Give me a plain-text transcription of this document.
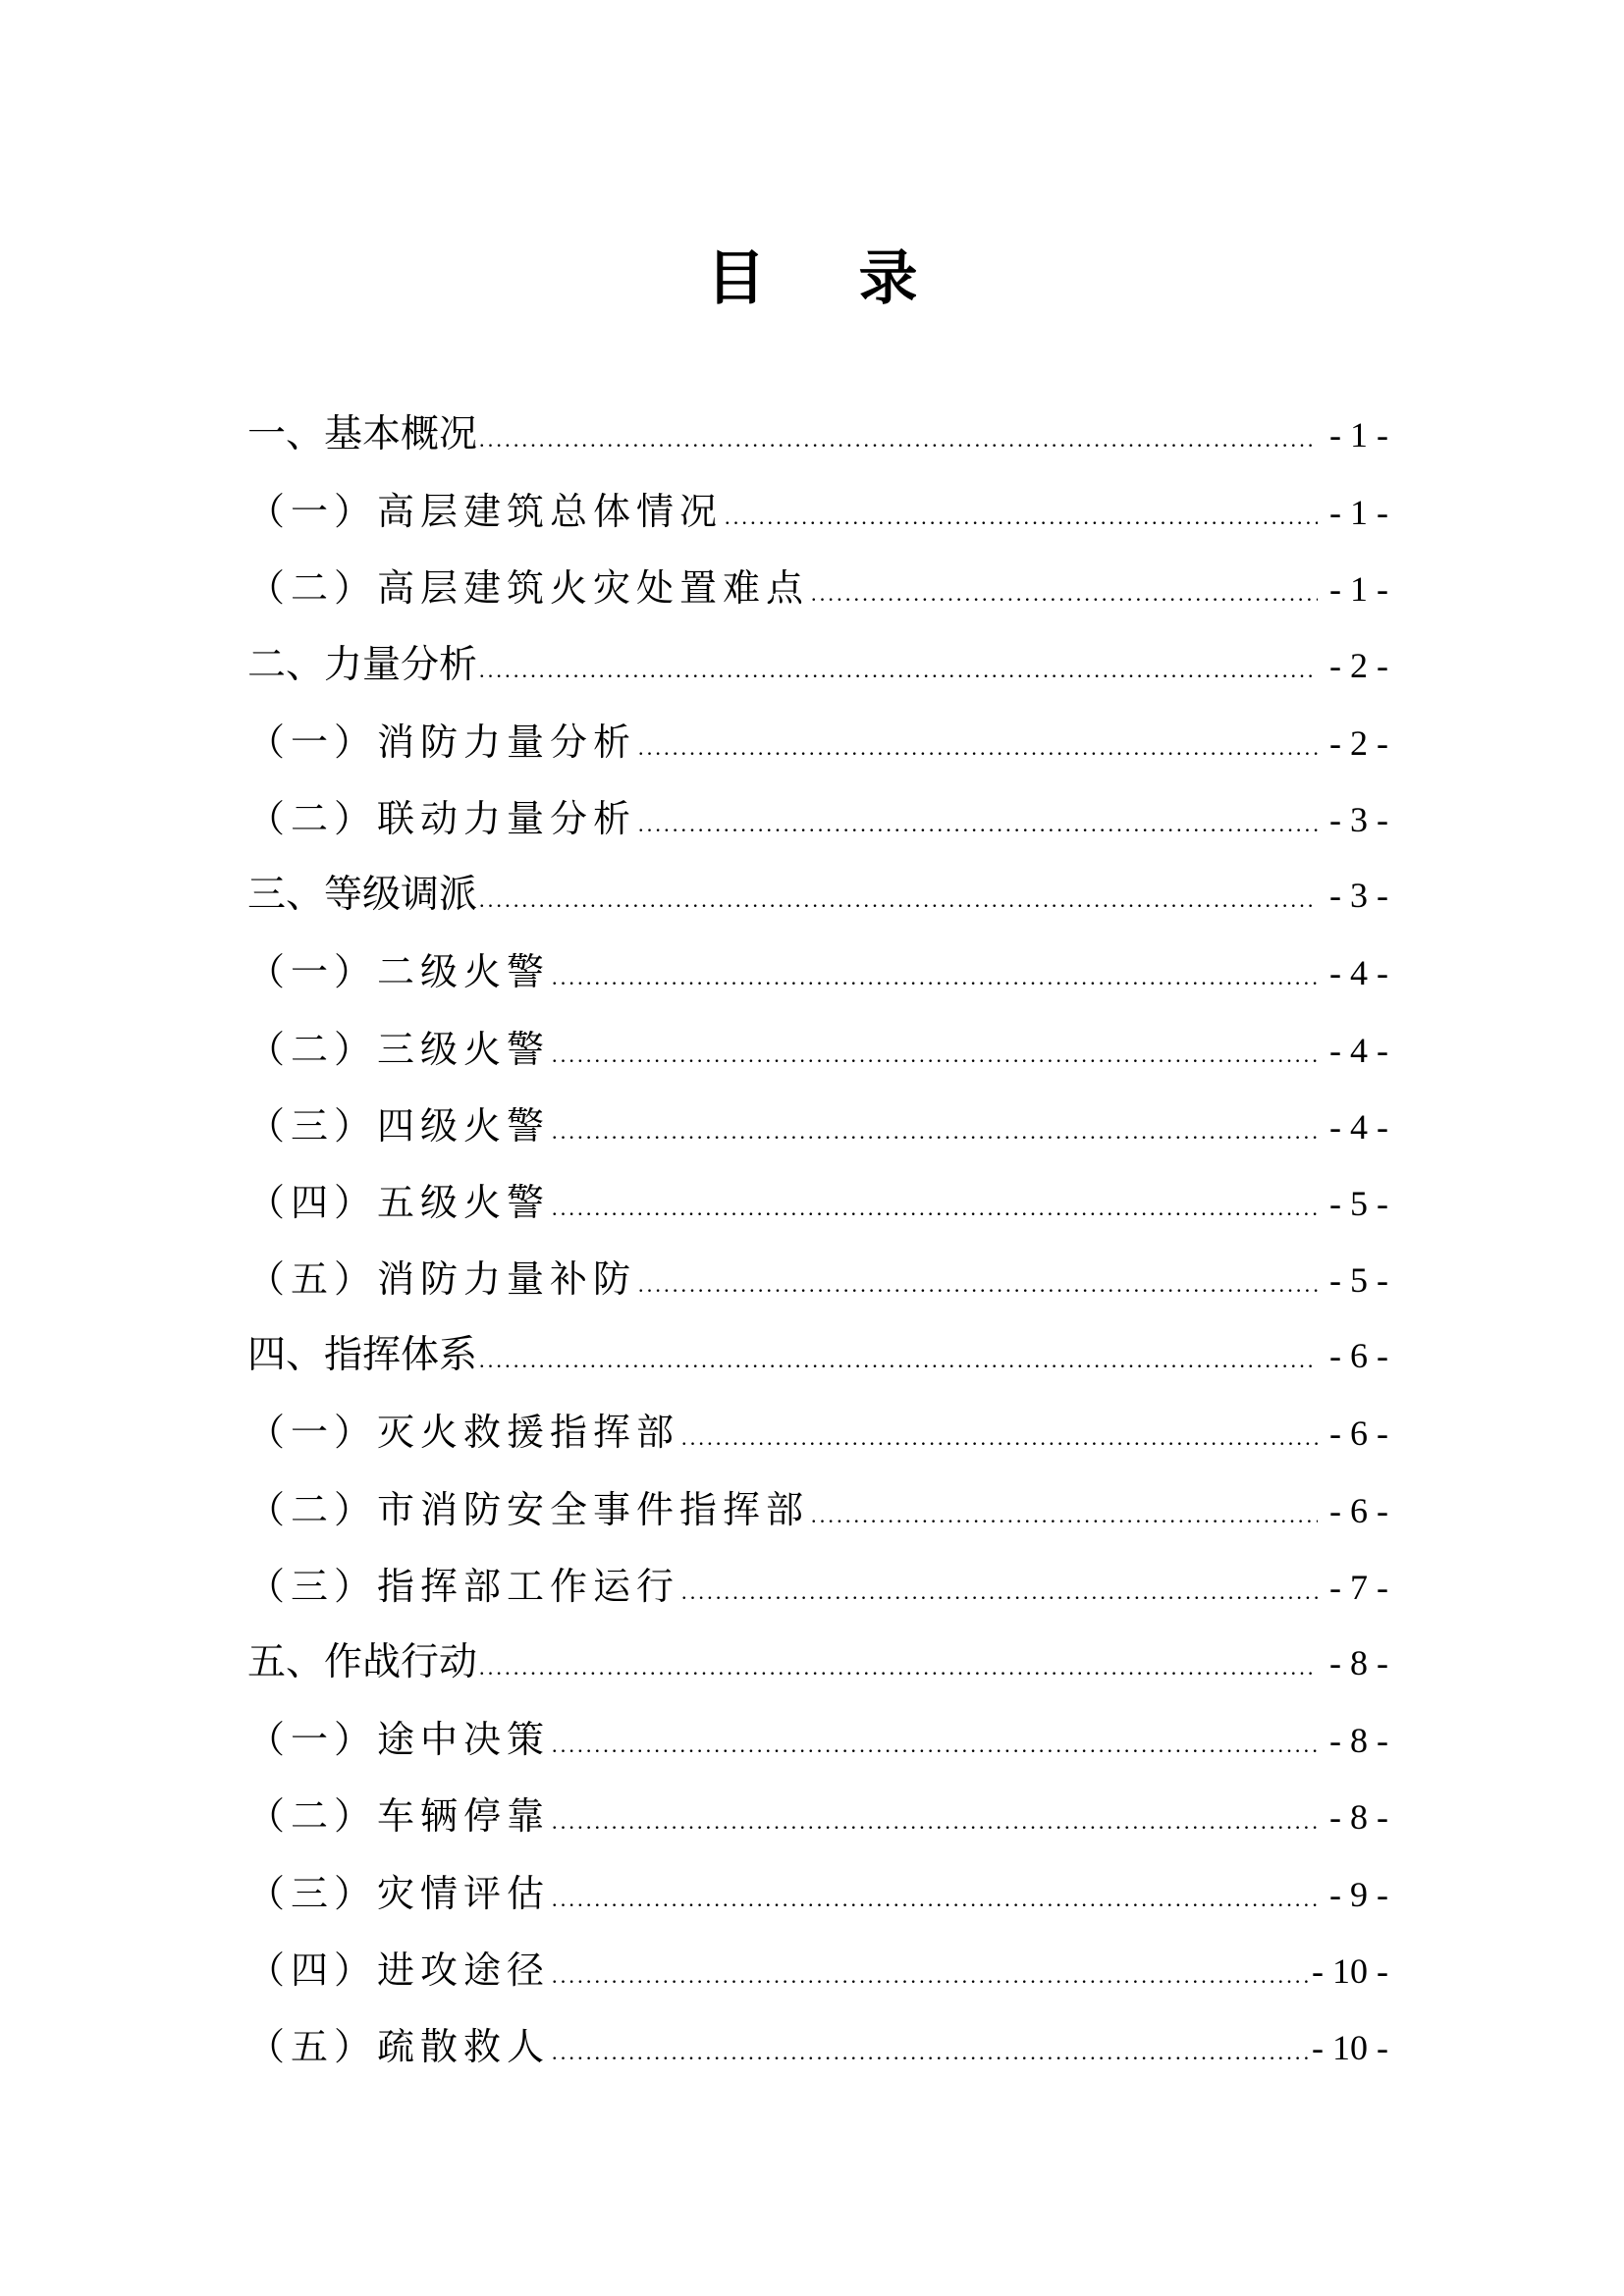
目 录
一、基本概况 .....	- 1 -
（一）高层建筑总体情况 .....	- 1 -
（二）高层建筑火灾处置难点 .....	- 1 -
二、力量分析 .....	- 2 -
（一）消防力量分析 .....	- 2 -
（二）联动力量分析 .....	- 3 -
三、等级调派 .....	- 3 -
（一）二级火警 .....	- 4 -
（二）三级火警 .....	- 4 -
（三）四级火警 .....	- 4 -
（四）五级火警 .....	- 5 -
（五）消防力量补防 .....	- 5 -
四、指挥体系 .....	- 6 -
（一）灭火救援指挥部 .....	- 6 -
（二）市消防安全事件指挥部 .....	- 6 -
（三）指挥部工作运行 .....	- 7 -
五、作战行动 .....	- 8 -
（一）途中决策 .....	- 8 -
（二）车辆停靠 .....	- 8 -
（三）灾情评估 .....	- 9 -
（四）进攻途径 .....	- 10 -
（五）疏散救人 .....	- 10 -
